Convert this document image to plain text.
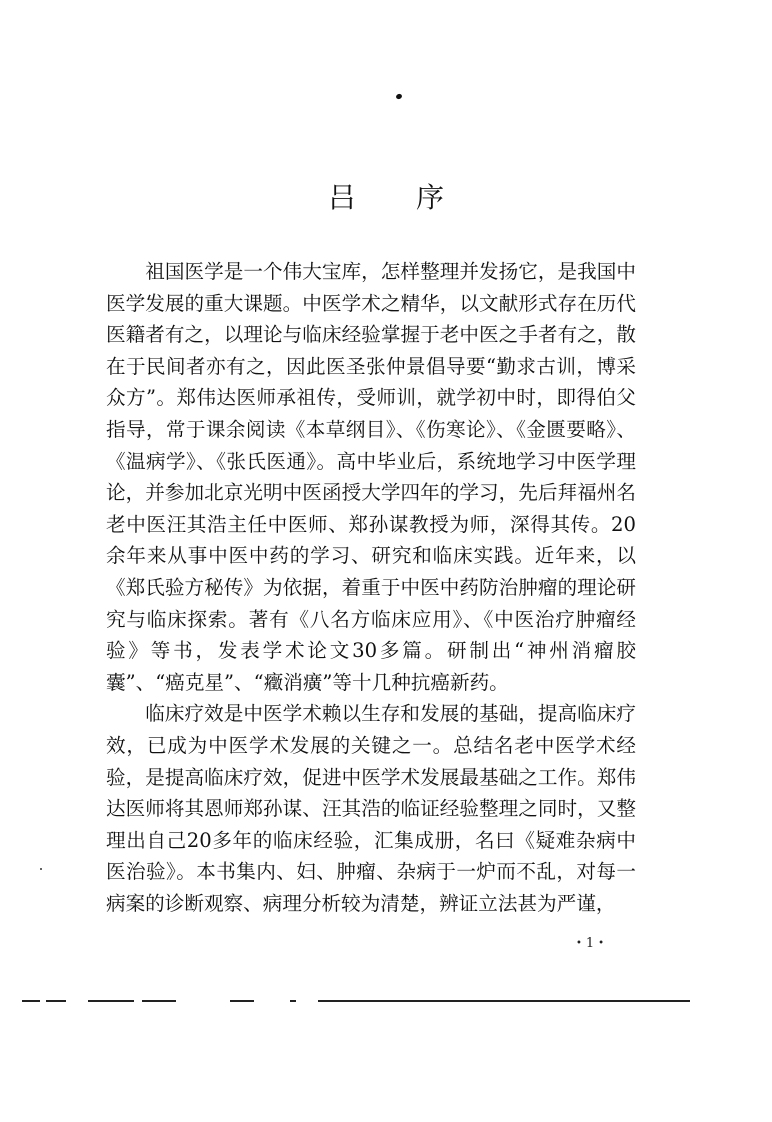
吕 序

祖国医学是一个伟大宝库，怎样整理并发扬它，是我国中医学发展的重大课题。中医学术之精华，以文献形式存在历代医籍者有之，以理论与临床经验掌握于老中医之手者有之，散在于民间者亦有之，因此医圣张仲景倡导要“勤求古训，博采众方”。郑伟达医师承祖传，受师训，就学初中时，即得伯父指导，常于课余阅读《本草纲目》、《伤寒论》、《金匮要略》、《温病学》、《张氏医通》。高中毕业后，系统地学习中医学理论，并参加北京光明中医函授大学四年的学习，先后拜福州名老中医汪其浩主任中医师、郑孙谋教授为师，深得其传。20余年来从事中医中药的学习、研究和临床实践。近年来，以《郑氏验方秘传》为依据，着重于中医中药防治肿瘤的理论研究与临床探索。著有《八名方临床应用》、《中医治疗肿瘤经验》等书，发表学术论文30多篇。研制出“神州消瘤胶囊”、“癌克星”、“癥消癀”等十几种抗癌新药。

临床疗效是中医学术赖以生存和发展的基础，提高临床疗效，已成为中医学术发展的关键之一。总结名老中医学术经验，是提高临床疗效，促进中医学术发展最基础之工作。郑伟达医师将其恩师郑孙谋、汪其浩的临证经验整理之同时，又整理出自己20多年的临床经验，汇集成册，名曰《疑难杂病中医治验》。本书集内、妇、肿瘤、杂病于一炉而不乱，对每一病案的诊断观察、病理分析较为清楚，辨证立法甚为严谨，

• 1 •
